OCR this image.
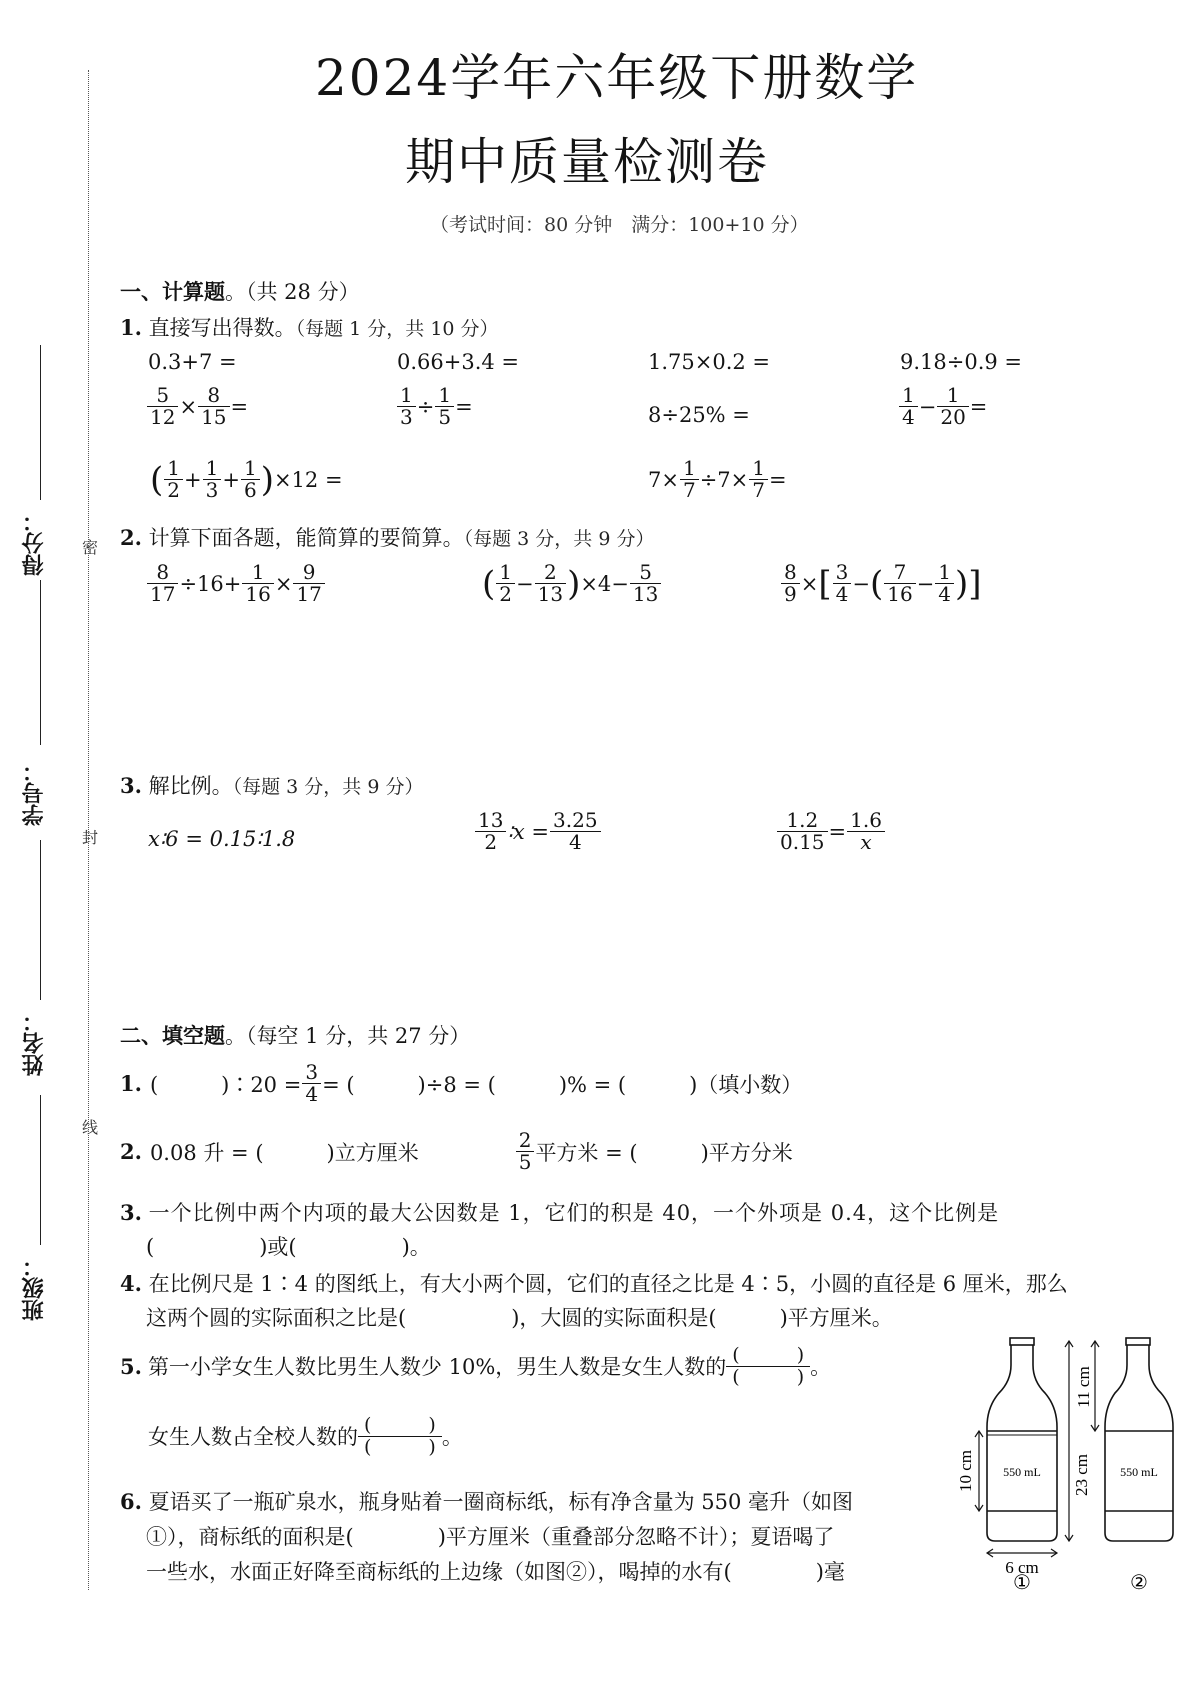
得分：
学号：
姓名：
班级：
密
封
线
2024学年六年级下册数学
期中质量检测卷
（考试时间：80 分钟　满分：100+10 分）
一、计算题。（共 28 分）
1. 直接写出得数。（每题 1 分，共 10 分）
0.3+7 =	0.66+3.4 =	1.75×0.2 =	9.18÷0.9 =
$\frac{5}{12} \times \frac{8}{15}$ =	$\frac{1}{3} \div \frac{1}{5}$ =	8÷25% =	$\frac{1}{4} - \frac{1}{20}$ =
( $\frac{1}{2} + \frac{1}{3} + \frac{1}{6}$ ) ×12 =	$7\times \frac{1}{7} \div 7\times \frac{1}{7}$ =
2. 计算下面各题，能简算的要简算。（每题 3 分，共 9 分）
$\frac{8}{17} \div 16+ \frac{1}{16} \times \frac{9}{17}$	( $\frac{1}{2} - \frac{2}{13}$ ) $\times 4- \frac{5}{13}$	$\frac{8}{9}$ × [ $\frac{3}{4}$ − ( $\frac{7}{16} - \frac{1}{4}$ ) ]
3. 解比例。（每题 3 分，共 9 分）
x∶6 = 0.15∶1.8	$\frac{13}{2}$ ∶x = $\frac{3.25}{4}$	$\frac{1.2}{0.15} = \frac{1.6}{x}$
二、填空题。（每空 1 分，共 27 分）
1. (　　　)∶20 = $\frac{3}{4}$ = (　　　)÷8 = (　　　)% = (　　　)（填小数）
2. 0.08 升 = (　　　)立方厘米	$\frac{2}{5}$ 平方米 = (　　　)平方分米
3. 一个比例中两个内项的最大公因数是 1，它们的积是 40，一个外项是 0.4，这个比例是
(　　　　　)或(　　　　　)。
4. 在比例尺是 1∶4 的图纸上，有大小两个圆，它们的直径之比是 4∶5，小圆的直径是 6 厘米，那么
这两个圆的实际面积之比是(　　　　　)，大圆的实际面积是(　　　)平方厘米。
5. 第一小学女生人数比男生人数少 10%，男生人数是女生人数的
(　　　)
(　　　) 。
女生人数占全校人数的
(　　　)
(　　　) 。
6. 夏语买了一瓶矿泉水，瓶身贴着一圈商标纸，标有净含量为 550 毫升（如图
①），商标纸的面积是(　　　　)平方厘米（重叠部分忽略不计）；夏语喝了
一些水，水面正好降至商标纸的上边缘（如图②），喝掉的水有(　　　　)毫
550 mL	550 mL
23 cm
10 cm
11 cm
6 cm
①	②
